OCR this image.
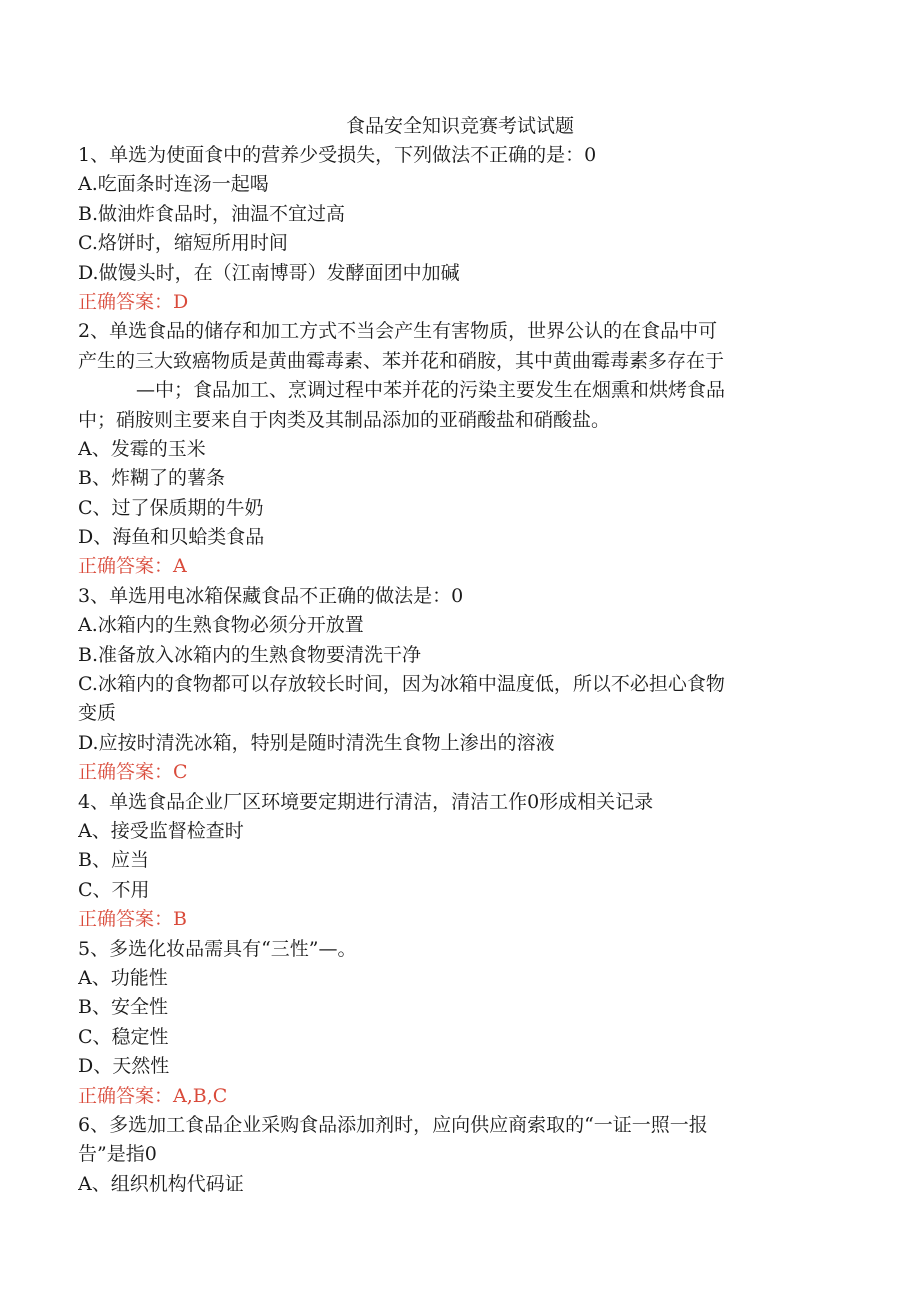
食品安全知识竞赛考试试题
1、单选为使面食中的营养少受损失，下列做法不正确的是：0
A.吃面条时连汤一起喝
B.做油炸食品时，油温不宜过高
C.烙饼时，缩短所用时间
D.做馒头时，在（江南博哥）发酵面团中加碱
正确答案：D
2、单选食品的储存和加工方式不当会产生有害物质，世界公认的在食品中可
产生的三大致癌物质是黄曲霉毒素、苯并花和硝胺，其中黄曲霉毒素多存在于
—中；食品加工、烹调过程中苯并花的污染主要发生在烟熏和烘烤食品
中；硝胺则主要来自于肉类及其制品添加的亚硝酸盐和硝酸盐。
A、发霉的玉米
B、炸糊了的薯条
C、过了保质期的牛奶
D、海鱼和贝蛤类食品
正确答案：A
3、单选用电冰箱保藏食品不正确的做法是：0
A.冰箱内的生熟食物必须分开放置
B.准备放入冰箱内的生熟食物要清洗干净
C.冰箱内的食物都可以存放较长时间，因为冰箱中温度低，所以不必担心食物
变质
D.应按时清洗冰箱，特别是随时清洗生食物上渗出的溶液
正确答案：C
4、单选食品企业厂区环境要定期进行清洁，清洁工作0形成相关记录
A、接受监督检查时
B、应当
C、不用
正确答案：B
5、多选化妆品需具有“三性”—。
A、功能性
B、安全性
C、稳定性
D、天然性
正确答案：A,B,C
6、多选加工食品企业采购食品添加剂时，应向供应商索取的“一证一照一报
告”是指0
A、组织机构代码证
